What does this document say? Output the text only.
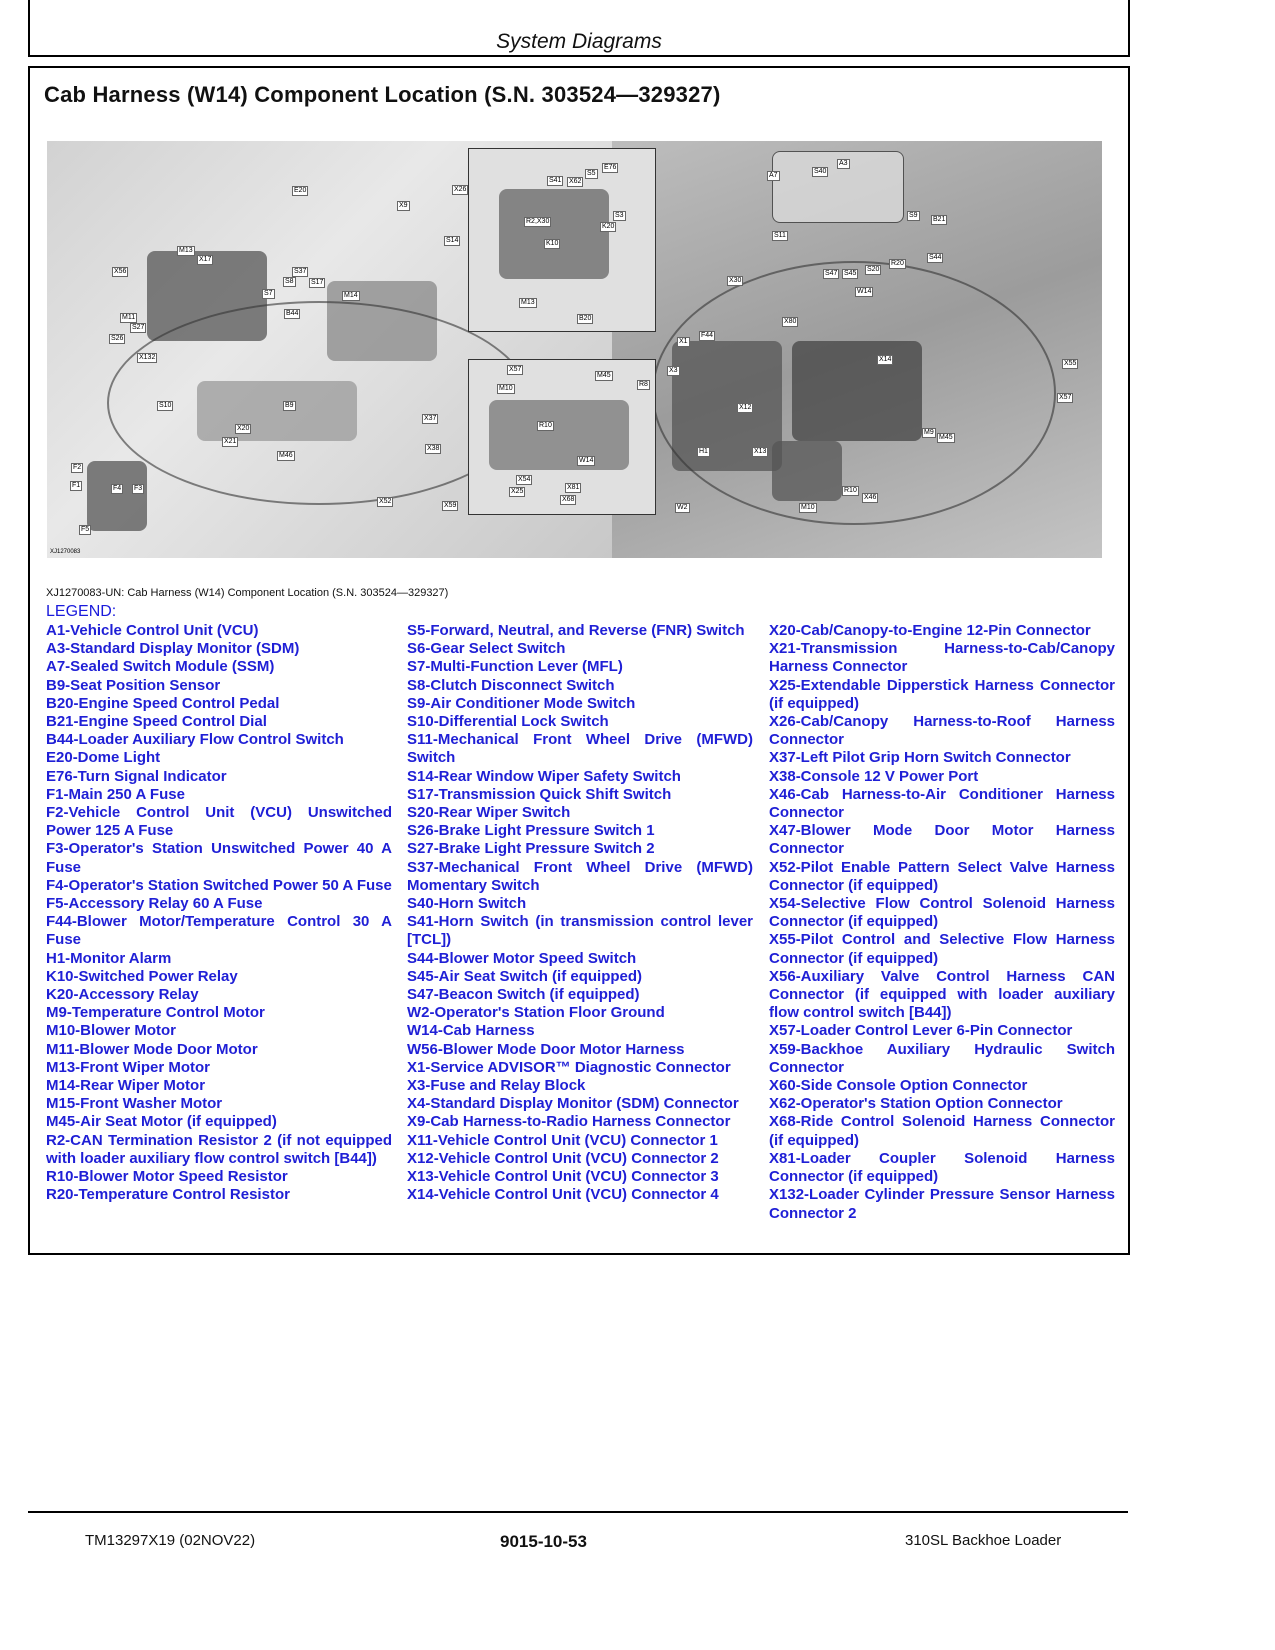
System Diagrams
Cab Harness (W14) Component Location (S.N. 303524—329327)
E20	X26
X9
S14
M13
X17
X56	S37
S8 S17
M14
S7
B44
M11
S27
S26
X132
S10
X20
X21
B9
M46
X37
X38
F2
F1	F4 F3
F5
X52
X59
A3
A7
S40
S9
B21
S11
S47 S45
S20
R20
S44
W14
X30
X80
X14
X55
X57
F44
X3
X1
H1
X12
X13
M9
M45
R10
X46
M10
W2
M13
S41 X62
S5
E76
S3
K20
R2,X30
K10
B20
X57
M10
R10
W14
M45
R8
X54
X81
X25
X68
XJ1270083
XJ1270083-UN: Cab Harness (W14) Component Location (S.N. 303524—329327)
LEGEND:
A1-Vehicle Control Unit (VCU)
A3-Standard Display Monitor (SDM)
A7-Sealed Switch Module (SSM)
B9-Seat Position Sensor
B20-Engine Speed Control Pedal
B21-Engine Speed Control Dial
B44-Loader Auxiliary Flow Control Switch
E20-Dome Light
E76-Turn Signal Indicator
F1-Main 250 A Fuse
F2-Vehicle Control Unit (VCU) Unswitched Power 125 A Fuse
F3-Operator's Station Unswitched Power 40 A Fuse
F4-Operator's Station Switched Power 50 A Fuse
F5-Accessory Relay 60 A Fuse
F44-Blower Motor/Temperature Control 30 A Fuse
H1-Monitor Alarm
K10-Switched Power Relay
K20-Accessory Relay
M9-Temperature Control Motor
M10-Blower Motor
M11-Blower Mode Door Motor
M13-Front Wiper Motor
M14-Rear Wiper Motor
M15-Front Washer Motor
M45-Air Seat Motor (if equipped)
R2-CAN Termination Resistor 2 (if not equipped with loader auxiliary flow control switch [B44])
R10-Blower Motor Speed Resistor
R20-Temperature Control Resistor
S5-Forward, Neutral, and Reverse (FNR) Switch
S6-Gear Select Switch
S7-Multi-Function Lever (MFL)
S8-Clutch Disconnect Switch
S9-Air Conditioner Mode Switch
S10-Differential Lock Switch
S11-Mechanical Front Wheel Drive (MFWD) Switch
S14-Rear Window Wiper Safety Switch
S17-Transmission Quick Shift Switch
S20-Rear Wiper Switch
S26-Brake Light Pressure Switch 1
S27-Brake Light Pressure Switch 2
S37-Mechanical Front Wheel Drive (MFWD) Momentary Switch
S40-Horn Switch
S41-Horn Switch (in transmission control lever [TCL])
S44-Blower Motor Speed Switch
S45-Air Seat Switch (if equipped)
S47-Beacon Switch (if equipped)
W2-Operator's Station Floor Ground
W14-Cab Harness
W56-Blower Mode Door Motor Harness
X1-Service ADVISOR™ Diagnostic Connector
X3-Fuse and Relay Block
X4-Standard Display Monitor (SDM) Connector
X9-Cab Harness-to-Radio Harness Connector
X11-Vehicle Control Unit (VCU) Connector 1
X12-Vehicle Control Unit (VCU) Connector 2
X13-Vehicle Control Unit (VCU) Connector 3
X14-Vehicle Control Unit (VCU) Connector 4
X20-Cab/Canopy-to-Engine 12-Pin Connector
X21-Transmission Harness-to-Cab/Canopy Harness Connector
X25-Extendable Dipperstick Harness Connector (if equipped)
X26-Cab/Canopy Harness-to-Roof Harness Connector
X37-Left Pilot Grip Horn Switch Connector
X38-Console 12 V Power Port
X46-Cab Harness-to-Air Conditioner Harness Connector
X47-Blower Mode Door Motor Harness Connector
X52-Pilot Enable Pattern Select Valve Harness Connector (if equipped)
X54-Selective Flow Control Solenoid Harness Connector (if equipped)
X55-Pilot Control and Selective Flow Harness Connector (if equipped)
X56-Auxiliary Valve Control Harness CAN Connector (if equipped with loader auxiliary flow control switch [B44])
X57-Loader Control Lever 6-Pin Connector
X59-Backhoe Auxiliary Hydraulic Switch Connector
X60-Side Console Option Connector
X62-Operator's Station Option Connector
X68-Ride Control Solenoid Harness Connector (if equipped)
X81-Loader Coupler Solenoid Harness Connector (if equipped)
X132-Loader Cylinder Pressure Sensor Harness Connector 2
TM13297X19 (02NOV22)	9015-10-53	310SL Backhoe Loader
